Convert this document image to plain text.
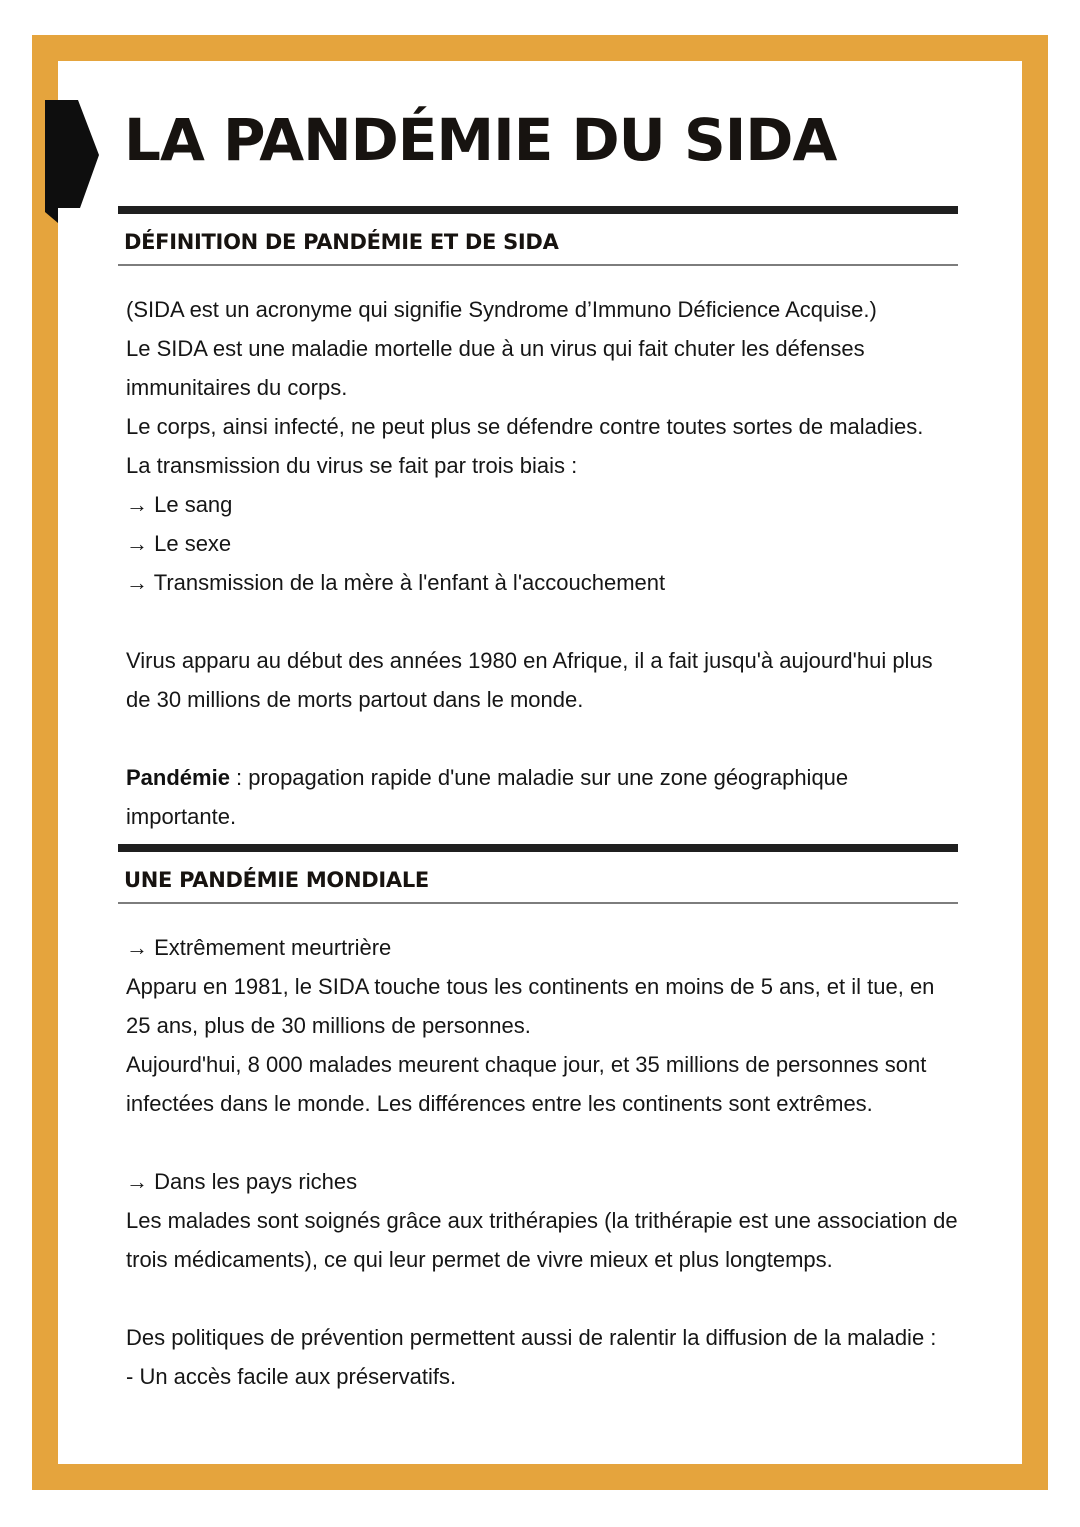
LA PANDÉMIE DU SIDA
DÉFINITION DE PANDÉMIE ET DE SIDA
(SIDA est un acronyme qui signifie Syndrome d’Immuno Déficience Acquise.)
Le SIDA est une maladie mortelle due à un virus qui fait chuter les défenses
immunitaires du corps.
Le corps, ainsi infecté, ne peut plus se défendre contre toutes sortes de maladies.
La transmission du virus se fait par trois biais :
→ Le sang
→ Le sexe
→ Transmission de la mère à l'enfant à l'accouchement
Virus apparu au début des années 1980 en Afrique, il a fait jusqu'à aujourd'hui plus
de 30 millions de morts partout dans le monde.
Pandémie : propagation rapide d'une maladie sur une zone géographique
importante.
UNE PANDÉMIE MONDIALE
→ Extrêmement meurtrière
Apparu en 1981, le SIDA touche tous les continents en moins de 5 ans, et il tue, en
25 ans, plus de 30 millions de personnes.
Aujourd'hui, 8 000 malades meurent chaque jour, et 35 millions de personnes sont
infectées dans le monde. Les différences entre les continents sont extrêmes.
→ Dans les pays riches
Les malades sont soignés grâce aux trithérapies (la trithérapie est une association de
trois médicaments), ce qui leur permet de vivre mieux et plus longtemps.
Des politiques de prévention permettent aussi de ralentir la diffusion de la maladie :
- Un accès facile aux préservatifs.
